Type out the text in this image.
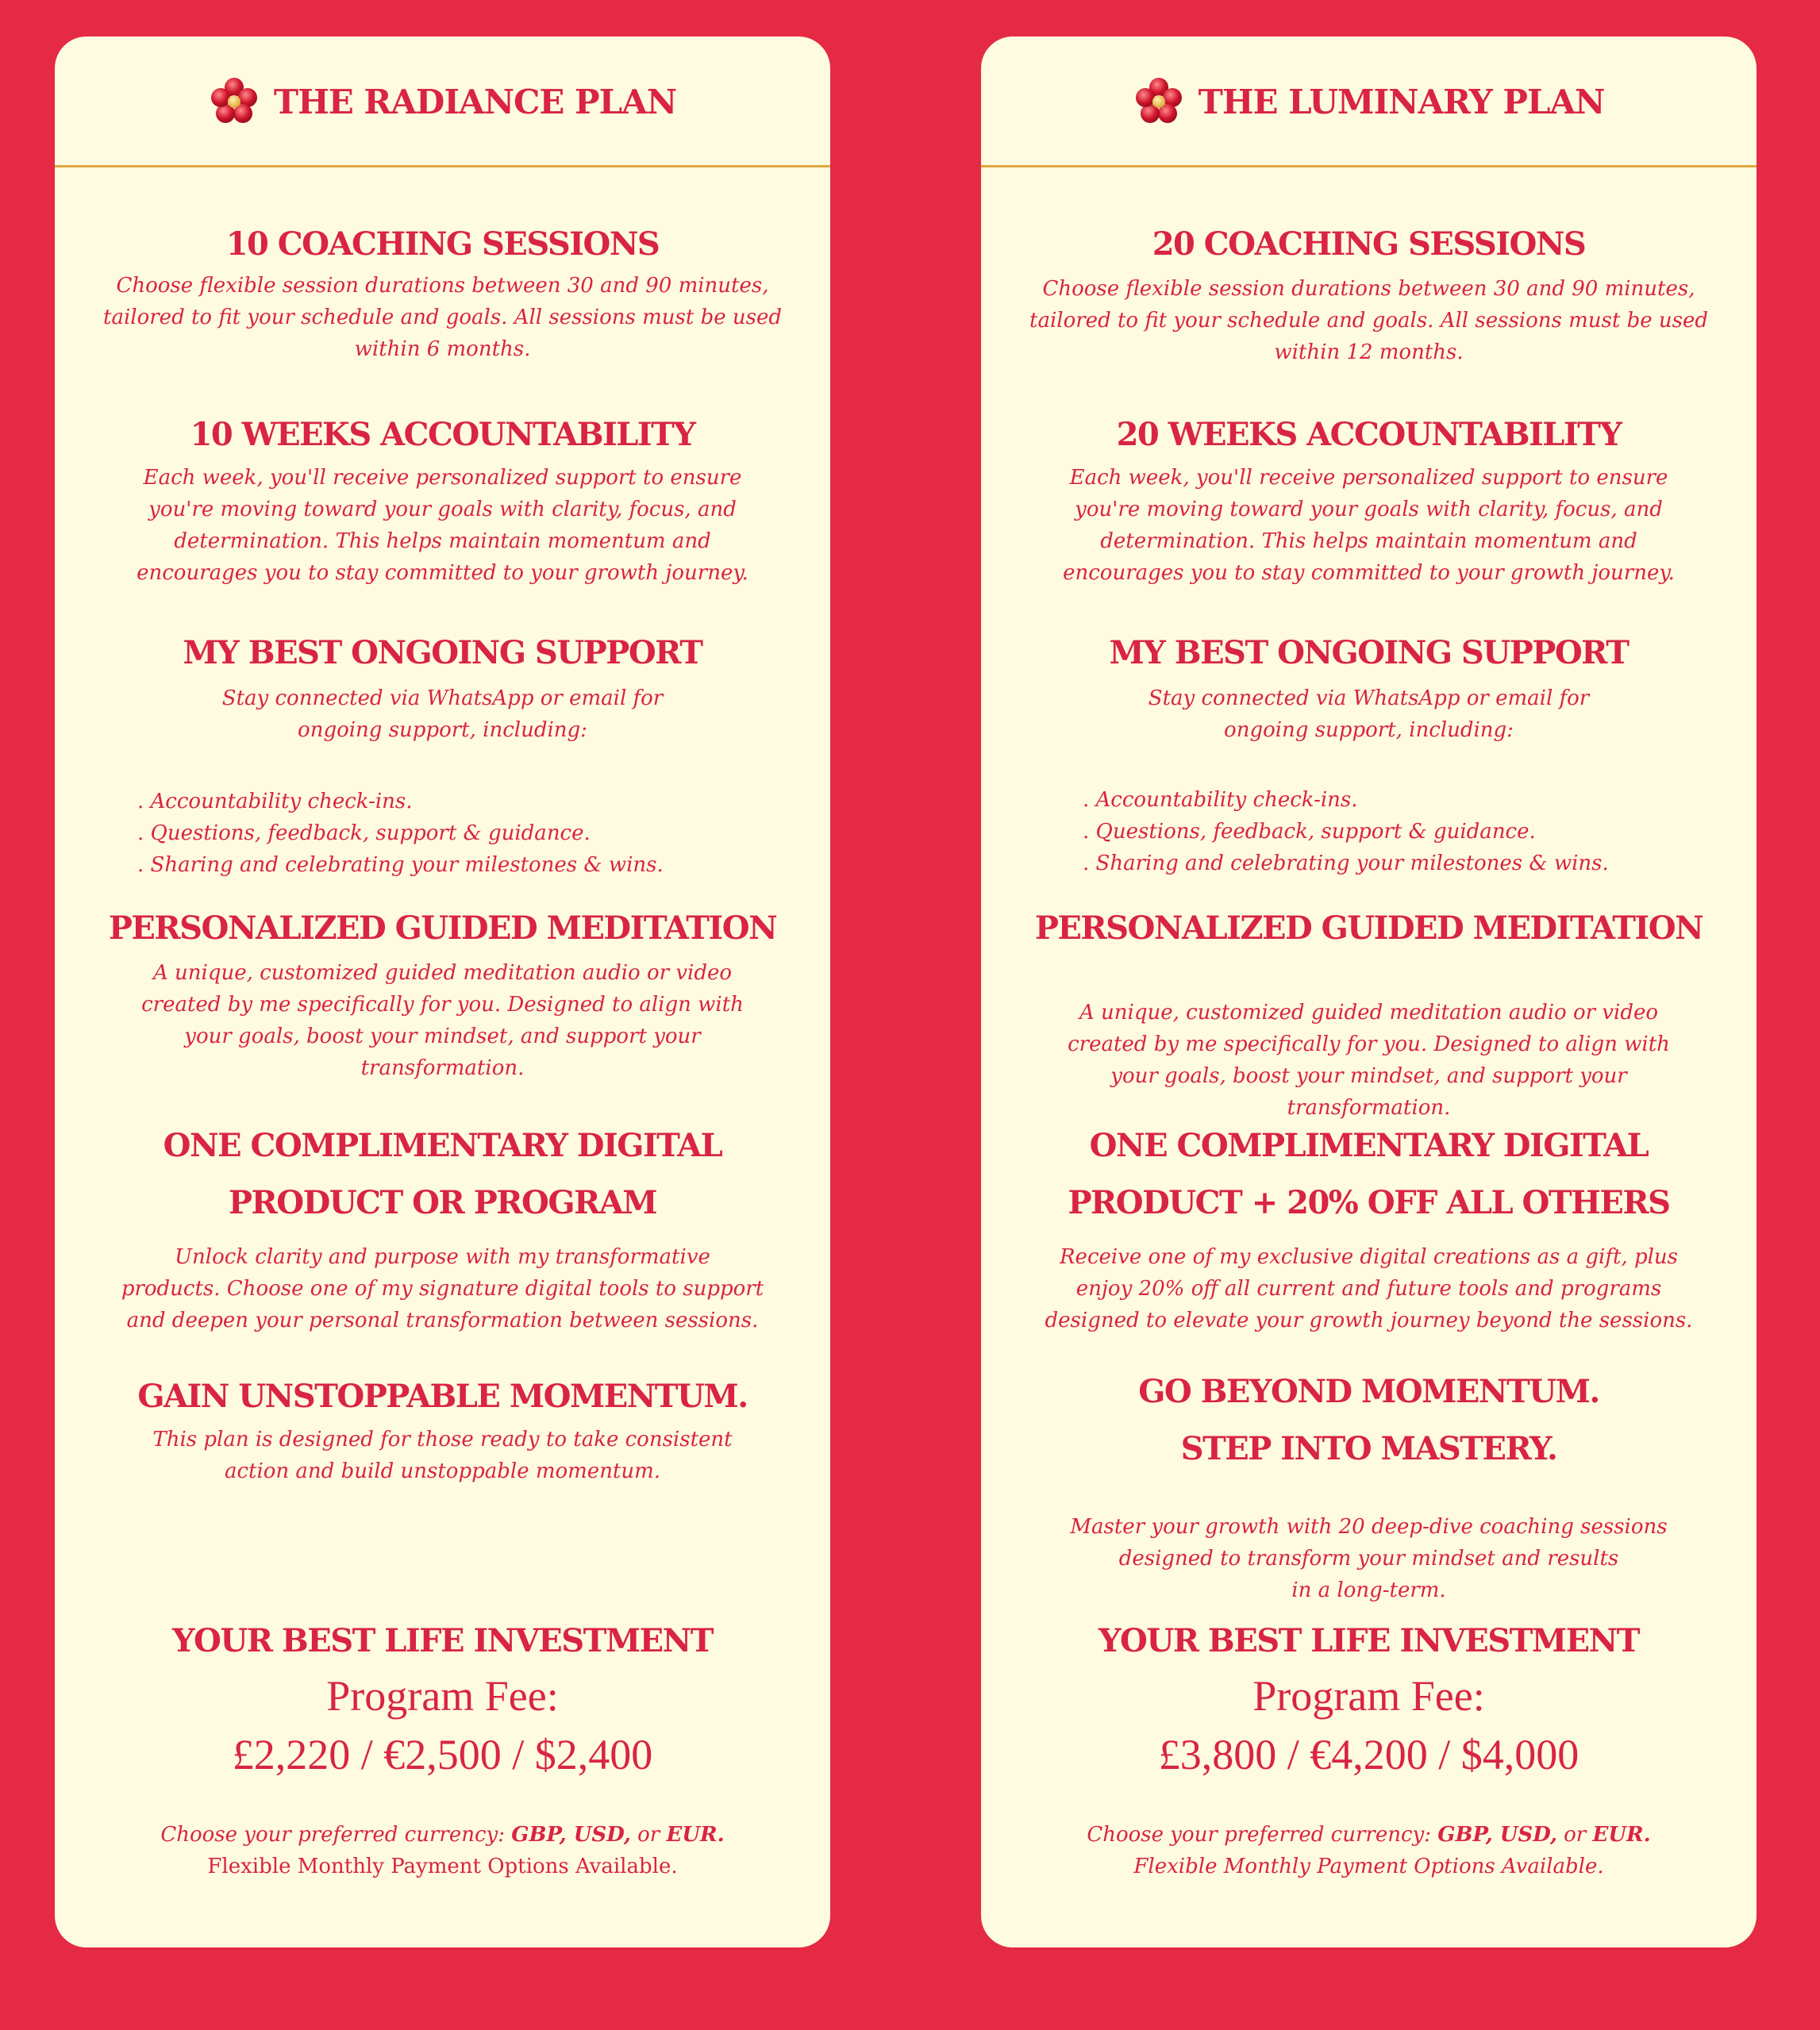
THE RADIANCE PLAN
10 COACHING SESSIONS
Choose flexible session durations between 30 and 90 minutes,
tailored to fit your schedule and goals. All sessions must be used
within 6 months.
10 WEEKS ACCOUNTABILITY
Each week, you'll receive personalized support to ensure
you're moving toward your goals with clarity, focus, and
determination. This helps maintain momentum and
encourages you to stay committed to your growth journey.
MY BEST ONGOING SUPPORT
Stay connected via WhatsApp or email for
ongoing support, including:
. Accountability check-ins.
. Questions, feedback, support & guidance.
. Sharing and celebrating your milestones & wins.
PERSONALIZED GUIDED MEDITATION
A unique, customized guided meditation audio or video
created by me specifically for you. Designed to align with
your goals, boost your mindset, and support your
transformation.
ONE COMPLIMENTARY DIGITAL
PRODUCT OR PROGRAM
Unlock clarity and purpose with my transformative
products. Choose one of my signature digital tools to support
and deepen your personal transformation between sessions.
GAIN UNSTOPPABLE MOMENTUM.
This plan is designed for those ready to take consistent
action and build unstoppable momentum.
YOUR BEST LIFE INVESTMENT
Program Fee:
£2,220 / €2,500 / $2,400
Choose your preferred currency: GBP, USD, or EUR.
Flexible Monthly Payment Options Available.
THE LUMINARY PLAN
20 COACHING SESSIONS
Choose flexible session durations between 30 and 90 minutes,
tailored to fit your schedule and goals. All sessions must be used
within 12 months.
20 WEEKS ACCOUNTABILITY
Each week, you'll receive personalized support to ensure
you're moving toward your goals with clarity, focus, and
determination. This helps maintain momentum and
encourages you to stay committed to your growth journey.
MY BEST ONGOING SUPPORT
Stay connected via WhatsApp or email for
ongoing support, including:
. Accountability check-ins.
. Questions, feedback, support & guidance.
. Sharing and celebrating your milestones & wins.
PERSONALIZED GUIDED MEDITATION
A unique, customized guided meditation audio or video
created by me specifically for you. Designed to align with
your goals, boost your mindset, and support your
transformation.
ONE COMPLIMENTARY DIGITAL
PRODUCT + 20% OFF ALL OTHERS
Receive one of my exclusive digital creations as a gift, plus
enjoy 20% off all current and future tools and programs
designed to elevate your growth journey beyond the sessions.
GO BEYOND MOMENTUM.
STEP INTO MASTERY.
Master your growth with 20 deep-dive coaching sessions
designed to transform your mindset and results
in a long-term.
YOUR BEST LIFE INVESTMENT
Program Fee:
£3,800 / €4,200 / $4,000
Choose your preferred currency: GBP, USD, or EUR.
Flexible Monthly Payment Options Available.
